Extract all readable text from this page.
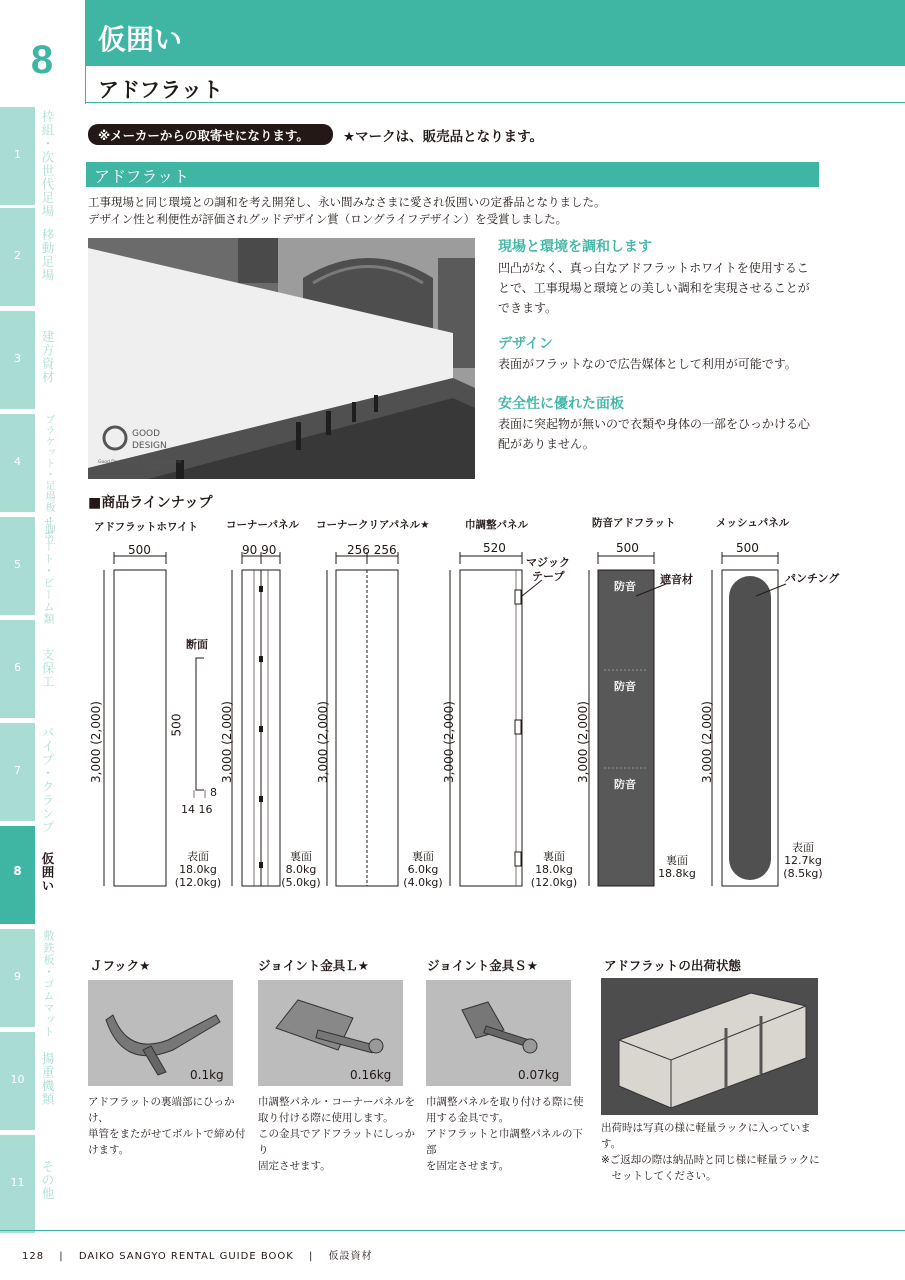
8	仮囲い
アドフラット
1	枠組・次世代足場
2	移動足場
3	建方資材
4	ブラケット・足場板・脚立
5	サポート・ビーム類
6	支保工
7	パイプ・クランプ
8	仮囲い
9	敷鉄板・ゴムマット
10	揚重機類
11	その他
※メーカーからの取寄せになります。	★マークは、販売品となります。
アドフラット
工事現場と同じ環境との調和を考え開発し、永い間みなさまに愛され仮囲いの定番品となりました。
デザイン性と利便性が評価されグッドデザイン賞（ロングライフデザイン）を受賞しました。
GOOD
DESIGN
Good Design Long Life Design Award
ADFLAT
現場と環境を調和します
凹凸がなく、真っ白なアドフラットホワイトを使用することで、工事現場と環境との美しい調和を実現させることができます。
デザイン
表面がフラットなので広告媒体として利用が可能です。
安全性に優れた面板
表面に突起物が無いので衣類や身体の一部をひっかける心配がありません。
■商品ラインナップ
アドフラットホワイト	コーナーパネル コーナークリアパネル★	巾調整パネル	防音アドフラット	メッシュパネル
500	90 90	256 256	520	500	500
3,000 (2,000)	3,000 (2,000)	3,000 (2,000)	3,000 (2,000)	3,000 (2,000)	3,000 (2,000)
断面
500
14 16
8
マジック
テープ	遮音材
防音
防音
防音
パンチング
表面
18.0kg
(12.0kg)
裏面
8.0kg
(5.0kg)
裏面
6.0kg
(4.0kg)
裏面
18.0kg
(12.0kg)
裏面
18.8kg
表面
12.7kg
(8.5kg)
Ｊフック★	ジョイント金具Ｌ★	ジョイント金具Ｓ★	アドフラットの出荷状態
0.1kg	0.16kg	0.07kg
アドフラットの裏端部にひっかけ、
単管をまたがせてボルトで締め付
けます。
巾調整パネル・コーナーパネルを
取り付ける際に使用します。
この金具でアドフラットにしっかり
固定させます。
巾調整パネルを取り付ける際に使
用する金具です。
アドフラットと巾調整パネルの下部
を固定させます。
出荷時は写真の様に軽量ラックに入っています。
※ご返却の際は納品時と同じ様に軽量ラックに
　セットしてください。
128 　|　 DAIKO SANGYO RENTAL GUIDE BOOK 　|　 仮設資材
